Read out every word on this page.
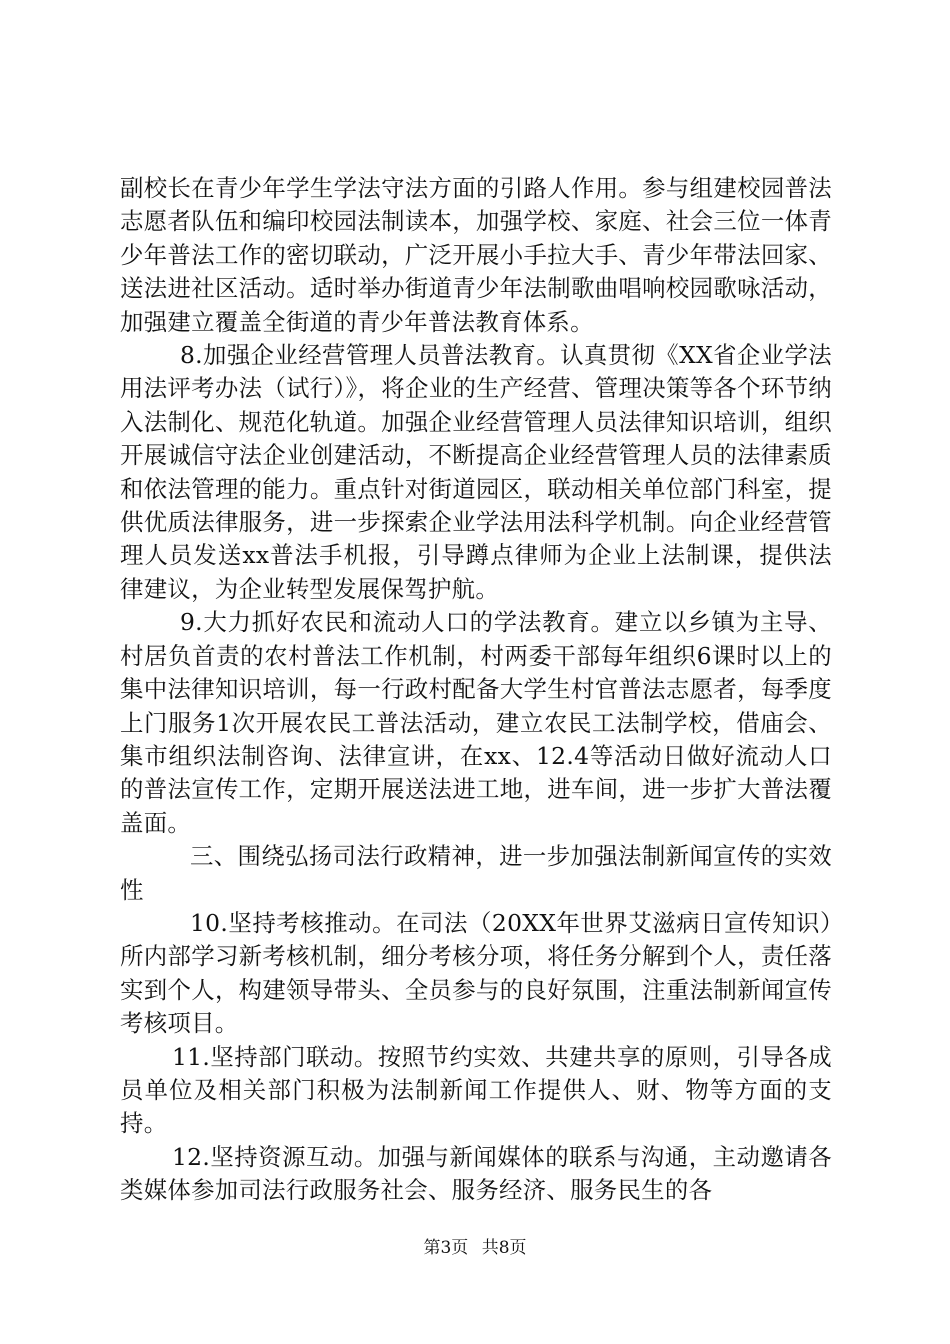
副校长在青少年学生学法守法方面的引路人作用。参与组建校园普法志愿者队伍和编印校园法制读本，加强学校、家庭、社会三位一体青少年普法工作的密切联动，广泛开展小手拉大手、青少年带法回家、送法进社区活动。适时举办街道青少年法制歌曲唱响校园歌咏活动，加强建立覆盖全街道的青少年普法教育体系。

8.加强企业经营管理人员普法教育。认真贯彻《XX省企业学法用法评考办法（试行）》，将企业的生产经营、管理决策等各个环节纳入法制化、规范化轨道。加强企业经营管理人员法律知识培训，组织开展诚信守法企业创建活动，不断提高企业经营管理人员的法律素质和依法管理的能力。重点针对街道园区，联动相关单位部门科室，提供优质法律服务，进一步探索企业学法用法科学机制。向企业经营管理人员发送xx普法手机报，引导蹲点律师为企业上法制课，提供法律建议，为企业转型发展保驾护航。

9.大力抓好农民和流动人口的学法教育。建立以乡镇为主导、村居负首责的农村普法工作机制，村两委干部每年组织6课时以上的集中法律知识培训，每一行政村配备大学生村官普法志愿者，每季度上门服务1次开展农民工普法活动，建立农民工法制学校，借庙会、集市组织法制咨询、法律宣讲，在xx、12.4等活动日做好流动人口的普法宣传工作，定期开展送法进工地，进车间，进一步扩大普法覆盖面。

三、围绕弘扬司法行政精神，进一步加强法制新闻宣传的实效性

10.坚持考核推动。在司法（20XX年世界艾滋病日宣传知识）所内部学习新考核机制，细分考核分项，将任务分解到个人，责任落实到个人，构建领导带头、全员参与的良好氛围，注重法制新闻宣传考核项目。

11.坚持部门联动。按照节约实效、共建共享的原则，引导各成员单位及相关部门积极为法制新闻工作提供人、财、物等方面的支持。

12.坚持资源互动。加强与新闻媒体的联系与沟通，主动邀请各类媒体参加司法行政服务社会、服务经济、服务民生的各

第3页 共8页
